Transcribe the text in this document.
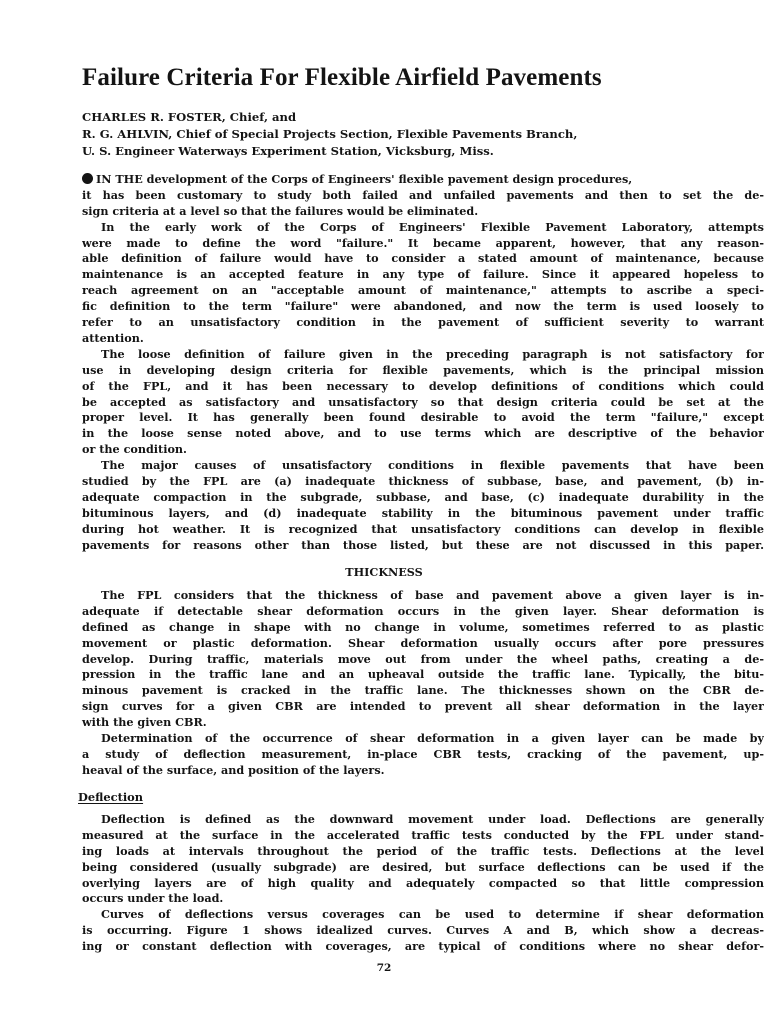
Failure Criteria For Flexible Airfield Pavements
CHARLES R. FOSTER, Chief, and
R. G. AHLVIN, Chief of Special Projects Section, Flexible Pavements Branch,
U. S. Engineer Waterways Experiment Station, Vicksburg, Miss.
IN THE development of the Corps of Engineers' flexible pavement design procedures,
it has been customary to study both failed and unfailed pavements and then to set the de-
sign criteria at a level so that the failures would be eliminated.
In the early work of the Corps of Engineers' Flexible Pavement Laboratory, attempts
were made to define the word "failure." It became apparent, however, that any reason-
able definition of failure would have to consider a stated amount of maintenance, because
maintenance is an accepted feature in any type of failure. Since it appeared hopeless to
reach agreement on an "acceptable amount of maintenance," attempts to ascribe a speci-
fic definition to the term "failure" were abandoned, and now the term is used loosely to
refer to an unsatisfactory condition in the pavement of sufficient severity to warrant
attention.
The loose definition of failure given in the preceding paragraph is not satisfactory for
use in developing design criteria for flexible pavements, which is the principal mission
of the FPL, and it has been necessary to develop definitions of conditions which could
be accepted as satisfactory and unsatisfactory so that design criteria could be set at the
proper level. It has generally been found desirable to avoid the term "failure," except
in the loose sense noted above, and to use terms which are descriptive of the behavior
or the condition.
The major causes of unsatisfactory conditions in flexible pavements that have been
studied by the FPL are (a) inadequate thickness of subbase, base, and pavement, (b) in-
adequate compaction in the subgrade, subbase, and base, (c) inadequate durability in the
bituminous layers, and (d) inadequate stability in the bituminous pavement under traffic
during hot weather. It is recognized that unsatisfactory conditions can develop in flexible
pavements for reasons other than those listed, but these are not discussed in this paper.
THICKNESS
The FPL considers that the thickness of base and pavement above a given layer is in-
adequate if detectable shear deformation occurs in the given layer. Shear deformation is
defined as change in shape with no change in volume, sometimes referred to as plastic
movement or plastic deformation. Shear deformation usually occurs after pore pressures
develop. During traffic, materials move out from under the wheel paths, creating a de-
pression in the traffic lane and an upheaval outside the traffic lane. Typically, the bitu-
minous pavement is cracked in the traffic lane. The thicknesses shown on the CBR de-
sign curves for a given CBR are intended to prevent all shear deformation in the layer
with the given CBR.
Determination of the occurrence of shear deformation in a given layer can be made by
a study of deflection measurement, in-place CBR tests, cracking of the pavement, up-
heaval of the surface, and position of the layers.
Deflection
Deflection is defined as the downward movement under load. Deflections are generally
measured at the surface in the accelerated traffic tests conducted by the FPL under stand-
ing loads at intervals throughout the period of the traffic tests. Deflections at the level
being considered (usually subgrade) are desired, but surface deflections can be used if the
overlying layers are of high quality and adequately compacted so that little compression
occurs under the load.
Curves of deflections versus coverages can be used to determine if shear deformation
is occurring. Figure 1 shows idealized curves. Curves A and B, which show a decreas-
ing or constant deflection with coverages, are typical of conditions where no shear defor-
72
